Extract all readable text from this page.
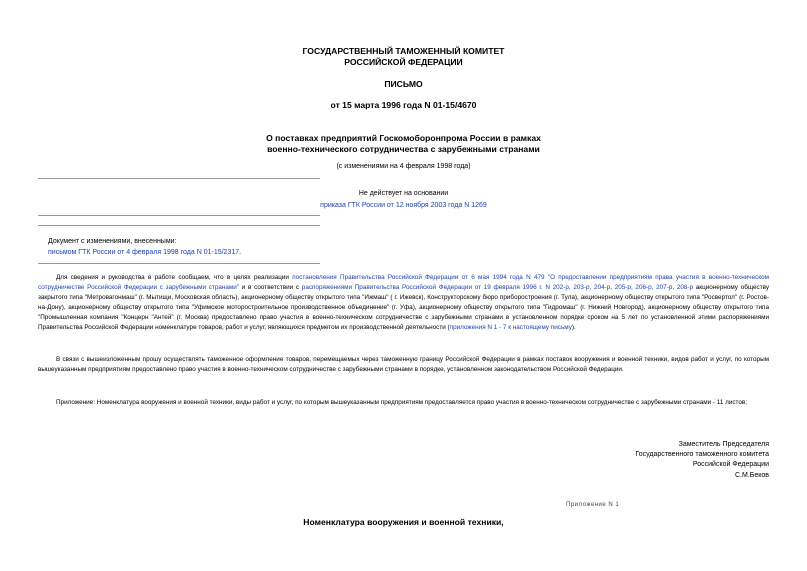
ГОСУДАРСТВЕННЫЙ ТАМОЖЕННЫЙ КОМИТЕТ
РОССИЙСКОЙ ФЕДЕРАЦИИ
ПИСЬМО
от 15 марта 1996 года N 01-15/4670
О поставках предприятий Госкомоборонпрома России в рамках
военно-технического сотрудничества с зарубежными странами
(с изменениями на 4 февраля 1998 года)
Не действует на основании
приказа ГТК России от 12 ноября 2003 года N 1269
Документ с изменениями, внесенными:
письмом ГТК России от 4 февраля 1998 года N 01-15/2317.
Для сведения и руководства в работе сообщаем, что в целях реализации постановления Правительства Российской Федерации от 6 мая 1994 года N 479 "О предоставлении предприятиям права участия в военно-техническом сотрудничестве Российской Федерации с зарубежными странами" и в соответствии с распоряжениями Правительства Российской Федерации от 19 февраля 1996 г. N 202-р, 203-р, 204-р, 205-р, 206-р, 207-р, 208-р акционерному обществу закрытого типа "Метровагонмаш" (г. Мытищи, Московская область), акционерному обществу открытого типа "Ижмаш" ( г. Ижевск), Конструкторскому бюро приборостроения (г. Тула), акционерному обществу открытого типа "Росвертол" (г. Ростов-на-Дону), акционерному обществу открытого типа "Уфимское моторостроительное производственное объединение" (г. Уфа), акционерному обществу открытого типа "Гидромаш" (г. Нижний Новгород), акционерному обществу открытого типа "Промышленная компания "Концерн "Антей" (г. Москва) предоставлено право участия в военно-техническом сотрудничестве с зарубежными странами в установленном порядке сроком на 5 лет по установленной этими распоряжениями Правительства Российской Федерации номенклатуре товаров, работ и услуг, являющихся предметом их производственной деятельности (приложения N 1 - 7 к настоящему письму).
В связи с вышеизложенным прошу осуществлять таможенное оформление товаров, перемещаемых через таможенную границу Российской Федерации в рамках поставок вооружения и военной техники, видов работ и услуг, по которым вышеуказанным предприятиям предоставлено право участия в военно-техническом сотрудничестве с зарубежными странами в порядке, установленном законодательством Российской Федерации.
Приложение: Номенклатура вооружения и военной техники, виды работ и услуг, по которым вышеуказанным предприятиям предоставляется право участия в военно-техническом сотрудничестве с зарубежными странами - 11 листов;
Заместитель Председателя
Государственного таможенного комитета
Российской Федерации
С.М.Беков
Приложение N 1
Номенклатура вооружения и военной техники,
